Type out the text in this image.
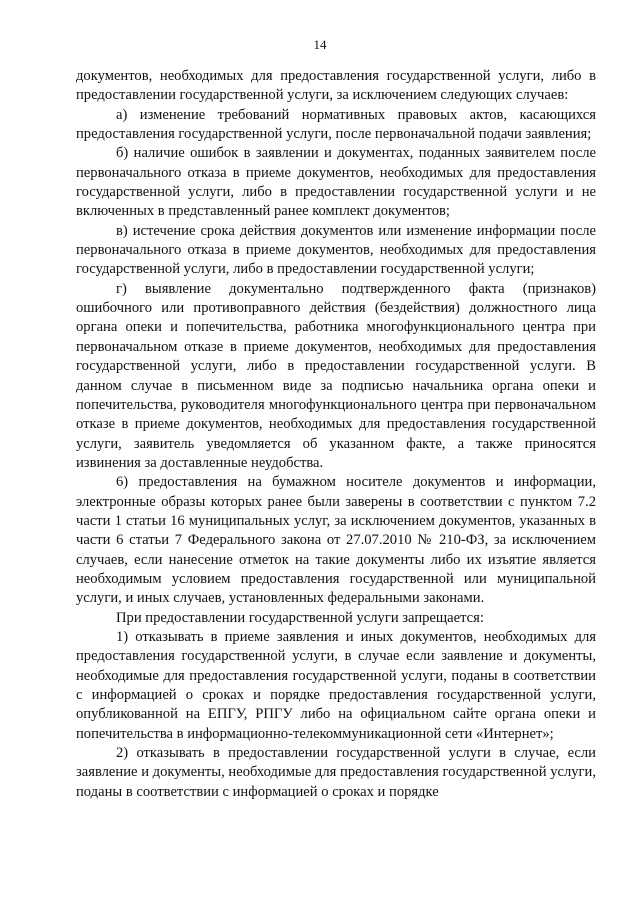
14

документов, необходимых для предоставления государственной услуги, либо в предоставлении государственной услуги, за исключением следующих случаев:

а) изменение требований нормативных правовых актов, касающихся предоставления государственной услуги, после первоначальной подачи заявления;

б) наличие ошибок в заявлении и документах, поданных заявителем после первоначального отказа в приеме документов, необходимых для предоставления государственной услуги, либо в предоставлении государственной услуги и не включенных в представленный ранее комплект документов;

в) истечение срока действия документов или изменение информации после первоначального отказа в приеме документов, необходимых для предоставления государственной услуги, либо в предоставлении государственной услуги;

г) выявление документально подтвержденного факта (признаков) ошибочного или противоправного действия (бездействия) должностного лица органа опеки и попечительства, работника многофункционального центра при первоначальном отказе в приеме документов, необходимых для предоставления государственной услуги, либо в предоставлении государственной услуги. В данном случае в письменном виде за подписью начальника органа опеки и попечительства, руководителя многофункционального центра при первоначальном отказе в приеме документов, необходимых для предоставления государственной услуги, заявитель уведомляется об указанном факте, а также приносятся извинения за доставленные неудобства.

6) предоставления на бумажном носителе документов и информации, электронные образы которых ранее были заверены в соответствии с пунктом 7.2 части 1 статьи 16 муниципальных услуг, за исключением документов, указанных в части 6 статьи 7 Федерального закона от 27.07.2010 № 210-ФЗ, за исключением случаев, если нанесение отметок на такие документы либо их изъятие является необходимым условием предоставления государственной или муниципальной услуги, и иных случаев, установленных федеральными законами.

При предоставлении государственной услуги запрещается:

1) отказывать в приеме заявления и иных документов, необходимых для предоставления государственной услуги, в случае если заявление и документы, необходимые для предоставления государственной услуги, поданы в соответствии с информацией о сроках и порядке предоставления государственной услуги, опубликованной на ЕПГУ, РПГУ либо на официальном сайте органа опеки и попечительства в информационно-телекоммуникационной сети «Интернет»;

2) отказывать в предоставлении государственной услуги в случае, если заявление и документы, необходимые для предоставления государственной услуги, поданы в соответствии с информацией о сроках и порядке
